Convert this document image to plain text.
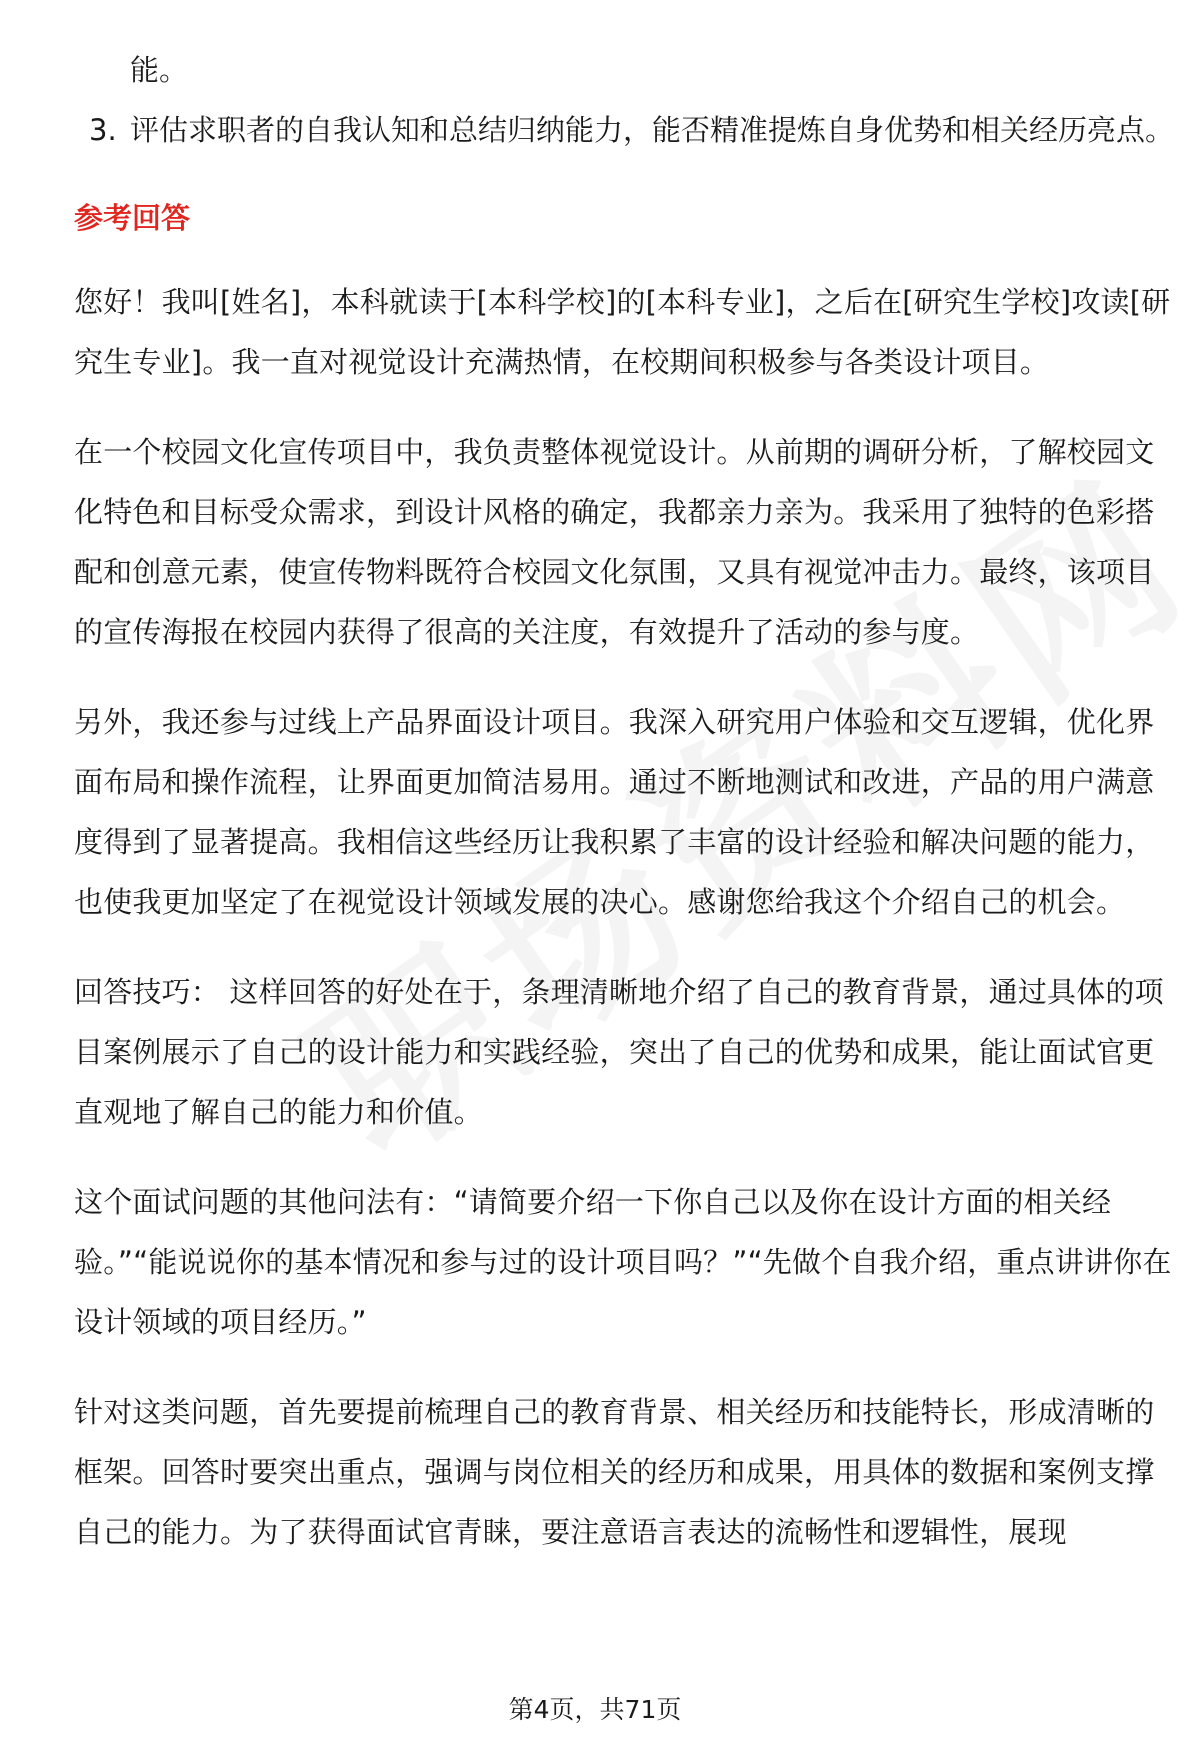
能。
3. 评估求职者的自我认知和总结归纳能力，能否精准提炼自身优势和相关经历亮点。
参考回答
您好！我叫[姓名]，本科就读于[本科学校]的[本科专业]，之后在[研究生学校]攻读[研究生专业]。我一直对视觉设计充满热情，在校期间积极参与各类设计项目。
在一个校园文化宣传项目中，我负责整体视觉设计。从前期的调研分析，了解校园文化特色和目标受众需求，到设计风格的确定，我都亲力亲为。我采用了独特的色彩搭配和创意元素，使宣传物料既符合校园文化氛围，又具有视觉冲击力。最终，该项目的宣传海报在校园内获得了很高的关注度，有效提升了活动的参与度。
另外，我还参与过线上产品界面设计项目。我深入研究用户体验和交互逻辑，优化界面布局和操作流程，让界面更加简洁易用。通过不断地测试和改进，产品的用户满意度得到了显著提高。我相信这些经历让我积累了丰富的设计经验和解决问题的能力，也使我更加坚定了在视觉设计领域发展的决心。感谢您给我这个介绍自己的机会。
回答技巧： 这样回答的好处在于，条理清晰地介绍了自己的教育背景，通过具体的项目案例展示了自己的设计能力和实践经验，突出了自己的优势和成果，能让面试官更直观地了解自己的能力和价值。
这个面试问题的其他问法有：“请简要介绍一下你自己以及你在设计方面的相关经验。”“能说说你的基本情况和参与过的设计项目吗？”“先做个自我介绍，重点讲讲你在设计领域的项目经历。”
针对这类问题，首先要提前梳理自己的教育背景、相关经历和技能特长，形成清晰的框架。回答时要突出重点，强调与岗位相关的经历和成果，用具体的数据和案例支撑自己的能力。为了获得面试官青睐，要注意语言表达的流畅性和逻辑性，展现
第4页，共71页
